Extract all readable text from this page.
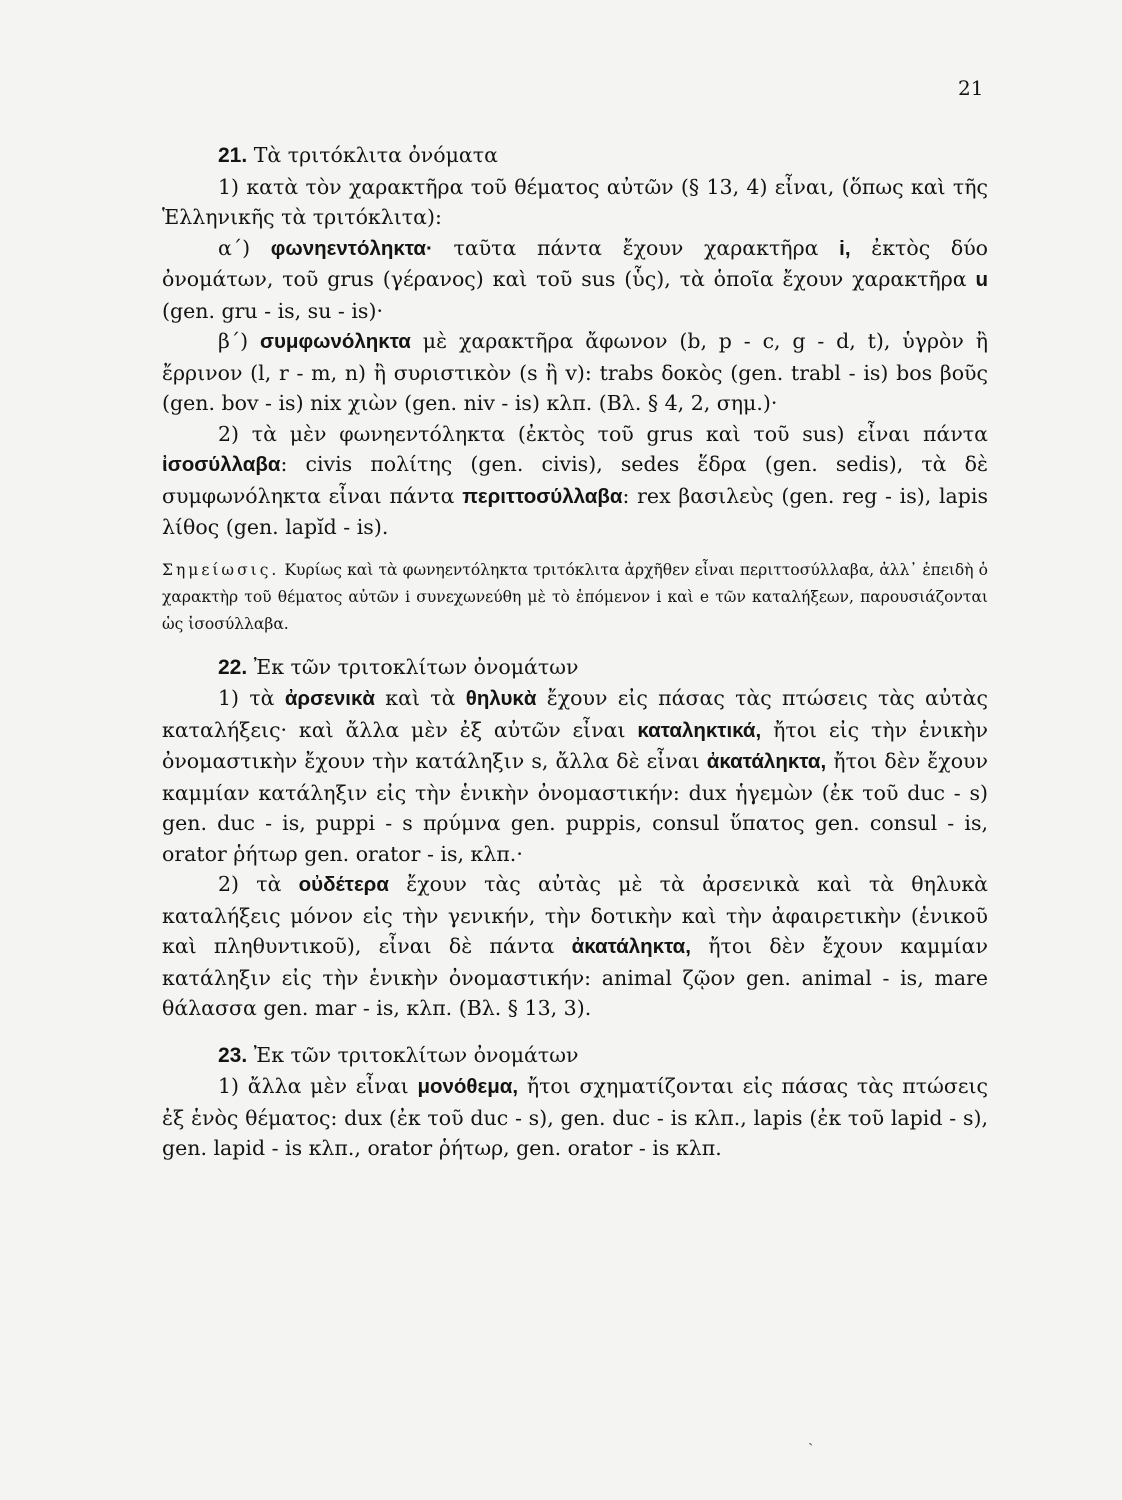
21

21. Τὰ τριτόκλιτα ὀνόματα

1) κατὰ τὸν χαρακτῆρα τοῦ θέματος αὐτῶν (§ 13, 4) εἶναι, (ὅπως καὶ τῆς Ἑλληνικῆς τὰ τριτόκλιτα):

α΄) φωνηεντόληκτα· ταῦτα πάντα ἔχουν χαρακτῆρα i, ἐκτὸς δύο ὀνομάτων, τοῦ grus (γέρανος) καὶ τοῦ sus (ὗς), τὰ ὁποῖα ἔχουν χαρακτῆρα u (gen. gru - is, su - is)·

β΄) συμφωνόληκτα μὲ χαρακτῆρα ἄφωνον (b, p - c, g - d, t), ὑγρὸν ἢ ἔρρινον (l, r - m, n) ἢ συριστικὸν (s ἢ v): trabs δοκὸς (gen. trabl - is) bos βοῦς (gen. bov - is) nix χιὼν (gen. niv - is) κλπ. (Βλ. § 4, 2, σημ.)·

2) τὰ μὲν φωνηεντόληκτα (ἐκτὸς τοῦ grus καὶ τοῦ sus) εἶναι πάντα ἰσοσύλλαβα: civis πολίτης (gen. civis), sedes ἕδρα (gen. sedis), τὰ δὲ συμφωνόληκτα εἶναι πάντα περιττοσύλλαβα: rex βασιλεὺς (gen. reg - is), lapis λίθος (gen. lapĭd - is).

Σημείωσις. Κυρίως καὶ τὰ φωνηεντόληκτα τριτόκλιτα ἀρχῆθεν εἶναι περιττοσύλλαβα, ἀλλ᾽ ἐπειδὴ ὁ χαρακτὴρ τοῦ θέματος αὐτῶν i συνεχωνεύθη μὲ τὸ ἑπόμενον i καὶ e τῶν καταλήξεων, παρουσιάζονται ὡς ἰσοσύλλαβα.

22. Ἐκ τῶν τριτοκλίτων ὀνομάτων

1) τὰ ἀρσενικὰ καὶ τὰ θηλυκὰ ἔχουν εἰς πάσας τὰς πτώσεις τὰς αὐτὰς καταλήξεις· καὶ ἄλλα μὲν ἐξ αὐτῶν εἶναι καταληκτικά, ἤτοι εἰς τὴν ἑνικὴν ὀνομαστικὴν ἔχουν τὴν κατάληξιν s, ἄλλα δὲ εἶναι ἀκατάληκτα, ἤτοι δὲν ἔχουν καμμίαν κατάληξιν εἰς τὴν ἑνικὴν ὀνομαστικήν: dux ἡγεμὼν (ἐκ τοῦ duc - s) gen. duc - is, puppi - s πρύμνα gen. puppis, consul ὕπατος gen. consul - is, orator ῥήτωρ gen. orator - is, κλπ.·

2) τὰ οὐδέτερα ἔχουν τὰς αὐτὰς μὲ τὰ ἀρσενικὰ καὶ τὰ θηλυκὰ καταλήξεις μόνον εἰς τὴν γενικήν, τὴν δοτικὴν καὶ τὴν ἀφαιρετικὴν (ἑνικοῦ καὶ πληθυντικοῦ), εἶναι δὲ πάντα ἀκατάληκτα, ἤτοι δὲν ἔχουν καμμίαν κατάληξιν εἰς τὴν ἑνικὴν ὀνομαστικήν: animal ζῷον gen. animal - is, mare θάλασσα gen. mar - is, κλπ. (Βλ. § 13, 3).

23. Ἐκ τῶν τριτοκλίτων ὀνομάτων

1) ἄλλα μὲν εἶναι μονόθεμα, ἤτοι σχηματίζονται εἰς πάσας τὰς πτώσεις ἐξ ἑνὸς θέματος: dux (ἐκ τοῦ duc - s), gen. duc - is κλπ., lapis (ἐκ τοῦ lapid - s), gen. lapid - is κλπ., orator ῥήτωρ, gen. orator - is κλπ.

˴
